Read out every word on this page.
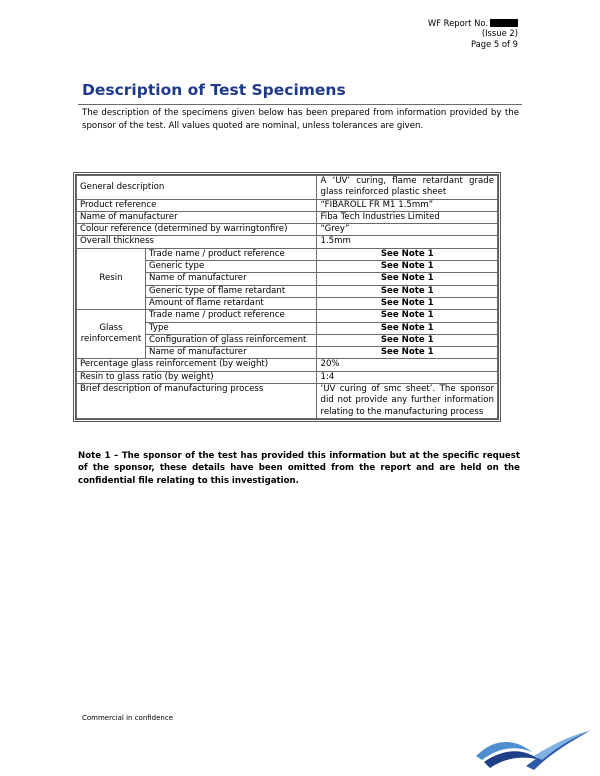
WF Report No.
(Issue 2)
Page 5 of 9
Description of Test Specimens
The description of the specimens given below has been prepared from information provided by the sponsor of the test. All values quoted are nominal, unless tolerances are given.
General description		A ‘UV’ curing, flame retardant grade glass reinforced plastic sheet
Product reference		“FIBAROLL FR M1 1.5mm”
Name of manufacturer		Fiba Tech Industries Limited
Colour reference (determined by warringtonfire)		“Grey”
Overall thickness		1.5mm
Resin	Trade name / product reference	See Note 1
	Generic type	See Note 1
	Name of manufacturer	See Note 1
	Generic type of flame retardant	See Note 1
	Amount of flame retardant	See Note 1
Glass reinforcement	Trade name / product reference	See Note 1
	Type	See Note 1
	Configuration of glass reinforcement	See Note 1
	Name of manufacturer	See Note 1
Percentage glass reinforcement (by weight)		20%
Resin to glass ratio (by weight)		1:4
Brief description of manufacturing process		‘UV curing of smc sheet’. The sponsor did not provide any further information relating to the manufacturing process
Note 1 – The sponsor of the test has provided this information but at the specific request of the sponsor, these details have been omitted from the report and are held on the confidential file relating to this investigation.
Commercial in confidence
